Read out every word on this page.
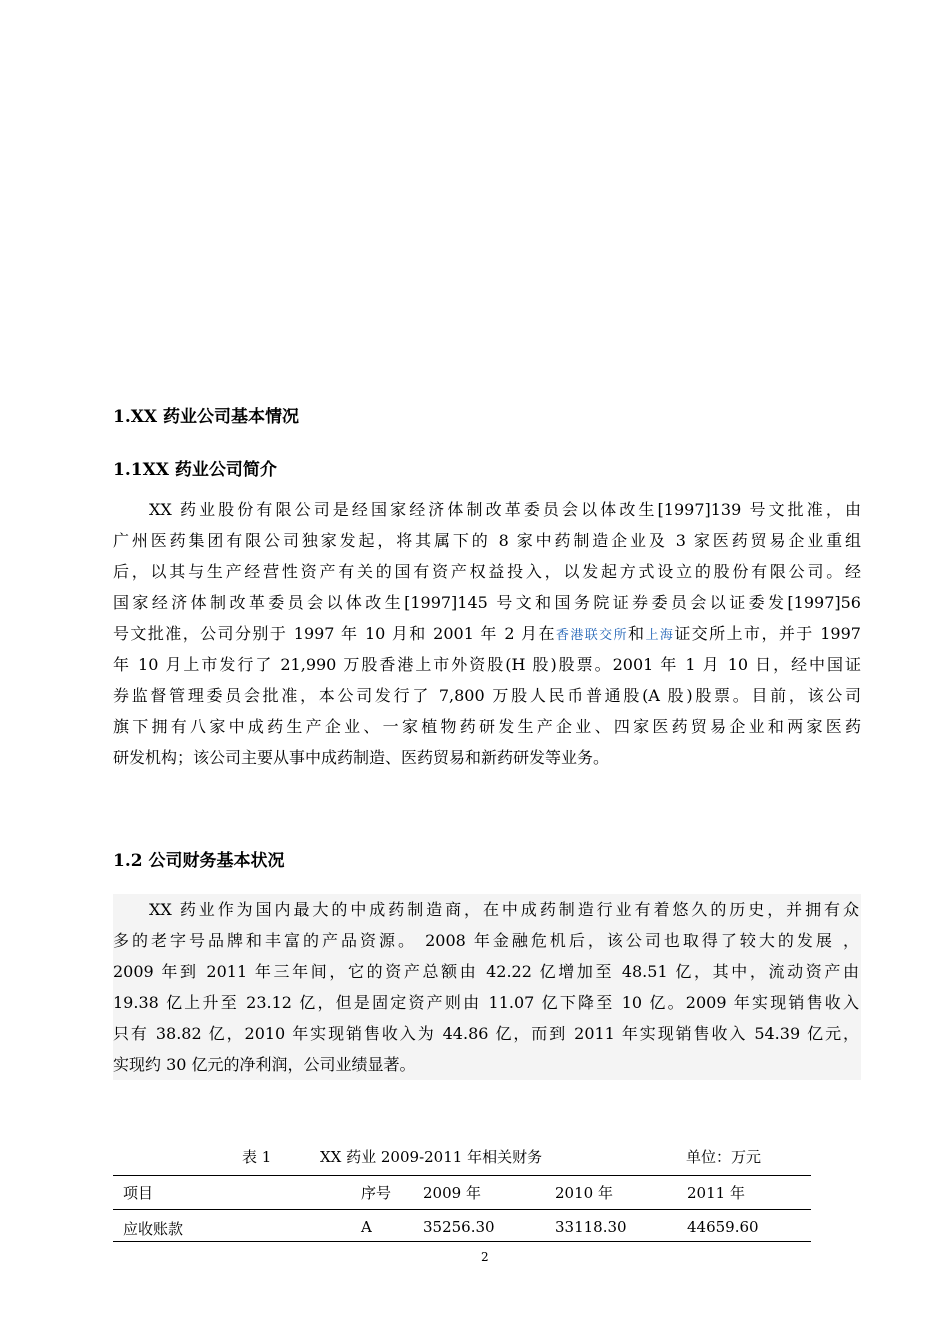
1.XX 药业公司基本情况
1.1XX 药业公司简介
XX 药业股份有限公司是经国家经济体制改革委员会以体改生[1997]139 号文批准，由
广州医药集团有限公司独家发起，将其属下的 8 家中药制造企业及 3 家医药贸易企业重组
后，以其与生产经营性资产有关的国有资产权益投入，以发起方式设立的股份有限公司。经
国家经济体制改革委员会以体改生[1997]145 号文和国务院证券委员会以证委发[1997]56
号文批准，公司分别于 1997 年 10 月和 2001 年 2 月在香港联交所和上海证交所上市，并于 1997
年 10 月上市发行了 21,990 万股香港上市外资股(H 股)股票。2001 年 1 月 10 日，经中国证
券监督管理委员会批准，本公司发行了 7,800 万股人民币普通股(A 股)股票。目前，该公司
旗下拥有八家中成药生产企业、一家植物药研发生产企业、四家医药贸易企业和两家医药
研发机构；该公司主要从事中成药制造、医药贸易和新药研发等业务。
1.2 公司财务基本状况
XX 药业作为国内最大的中成药制造商，在中成药制造行业有着悠久的历史，并拥有众
多的老字号品牌和丰富的产品资源。 2008 年金融危机后，该公司也取得了较大的发展 ，
2009 年到 2011 年三年间，它的资产总额由 42.22 亿增加至 48.51 亿，其中，流动资产由
19.38 亿上升至 23.12 亿，但是固定资产则由 11.07 亿下降至 10 亿。2009 年实现销售收入
只有 38.82 亿，2010 年实现销售收入为 44.86 亿，而到 2011 年实现销售收入 54.39 亿元，
实现约 30 亿元的净利润，公司业绩显著。
表 1	XX 药业 2009-2011 年相关财务	单位：万元
项目	序号 2009 年	2010 年	2011 年
应收账款	A	35256.30	33118.30	44659.60
2
